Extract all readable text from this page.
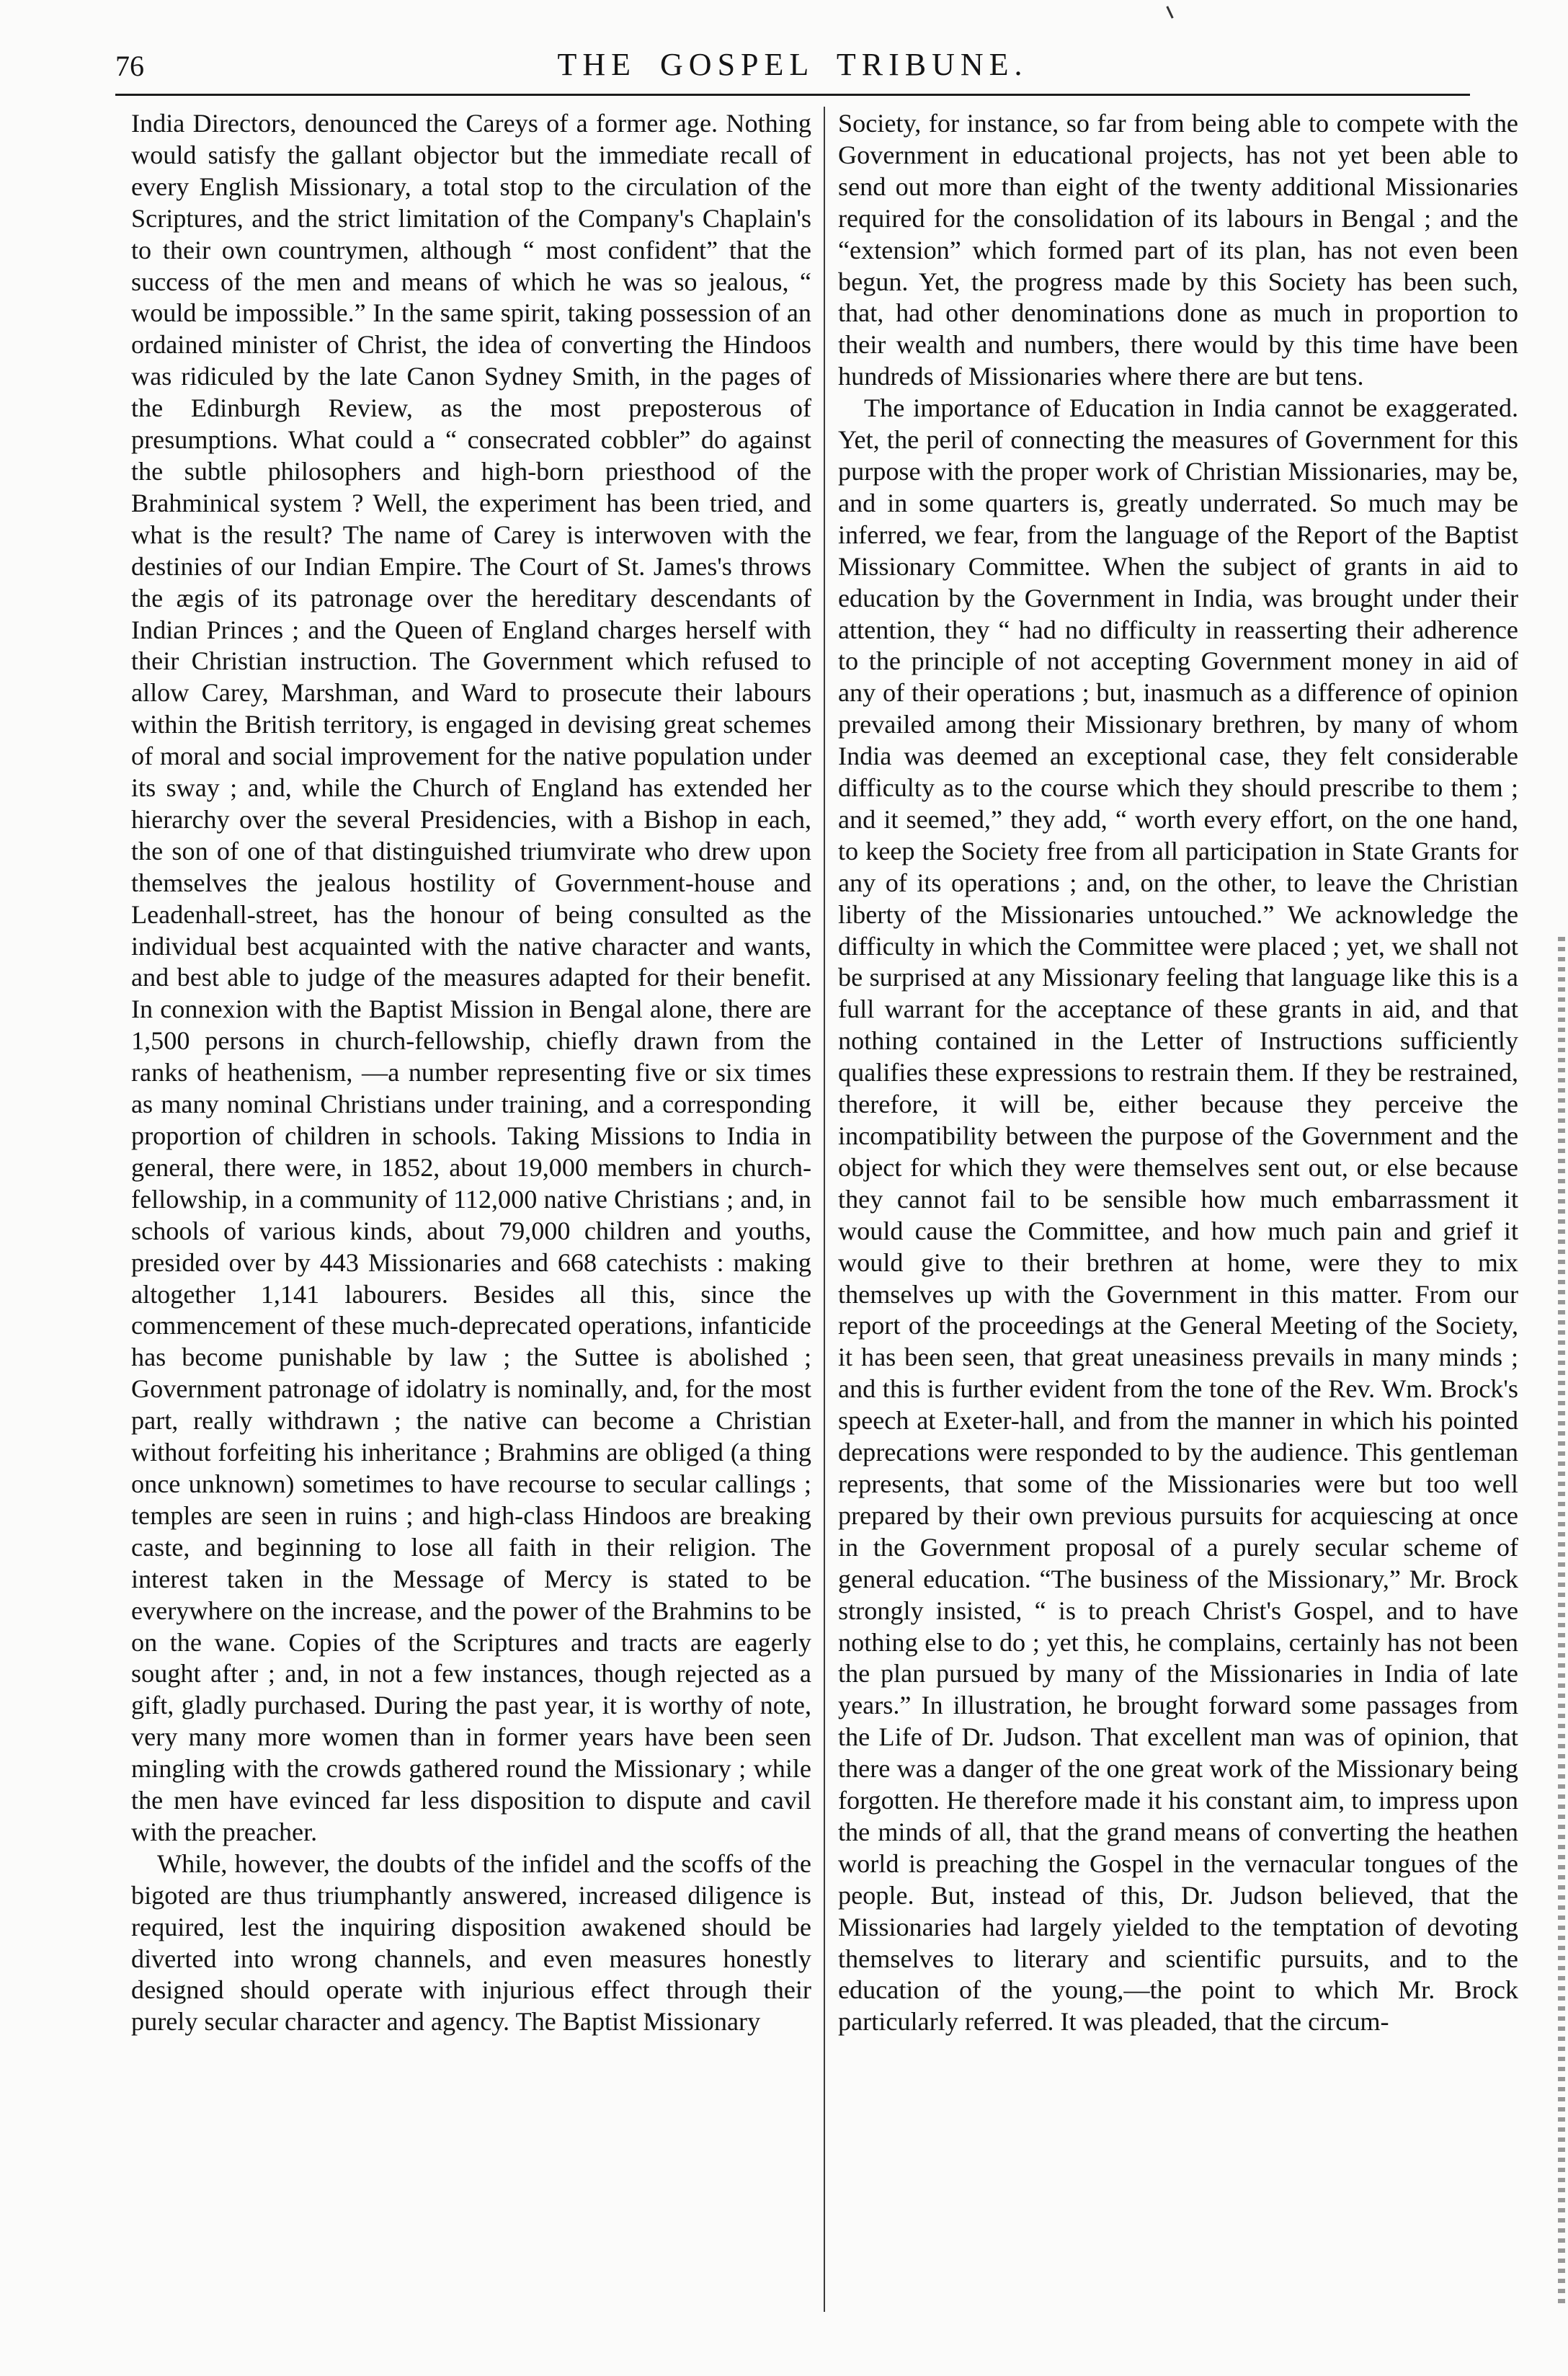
76	THE GOSPEL TRIBUNE.

India Directors, denounced the Careys of a former age. Nothing would satisfy the gallant objector but the immediate recall of every English Missionary, a total stop to the circulation of the Scriptures, and the strict limitation of the Company's Chaplain's to their own countrymen, although “ most confident” that the success of the men and means of which he was so jealous, “ would be impossible.” In the same spirit, taking possession of an ordained minister of Christ, the idea of converting the Hindoos was ridiculed by the late Canon Sydney Smith, in the pages of the Edinburgh Review, as the most preposterous of presumptions. What could a “ consecrated cobbler” do against the subtle philosophers and high-born priesthood of the Brahminical system ? Well, the experiment has been tried, and what is the result? The name of Carey is interwoven with the destinies of our Indian Empire. The Court of St. James's throws the ægis of its patronage over the hereditary descendants of Indian Princes ; and the Queen of England charges herself with their Christian instruction. The Government which refused to allow Carey, Marshman, and Ward to prosecute their labours within the British territory, is engaged in devising great schemes of moral and social improvement for the native population under its sway ; and, while the Church of England has extended her hierarchy over the several Presidencies, with a Bishop in each, the son of one of that distinguished triumvirate who drew upon themselves the jealous hostility of Government-house and Leadenhall-street, has the honour of being consulted as the individual best acquainted with the native character and wants, and best able to judge of the measures adapted for their benefit. In connexion with the Baptist Mission in Bengal alone, there are 1,500 persons in church-fellowship, chiefly drawn from the ranks of heathenism, —a number representing five or six times as many nominal Christians under training, and a corresponding proportion of children in schools. Taking Missions to India in general, there were, in 1852, about 19,000 members in church-fellowship, in a community of 112,000 native Christians ; and, in schools of various kinds, about 79,000 children and youths, presided over by 443 Missionaries and 668 catechists : making altogether 1,141 labourers. Besides all this, since the commencement of these much-deprecated operations, infanticide has become punishable by law ; the Suttee is abolished ; Government patronage of idolatry is nominally, and, for the most part, really withdrawn ; the native can become a Christian without forfeiting his inheritance ; Brahmins are obliged (a thing once unknown) sometimes to have recourse to secular callings ; temples are seen in ruins ; and high-class Hindoos are breaking caste, and beginning to lose all faith in their religion. The interest taken in the Message of Mercy is stated to be everywhere on the increase, and the power of the Brahmins to be on the wane. Copies of the Scriptures and tracts are eagerly sought after ; and, in not a few instances, though rejected as a gift, gladly purchased. During the past year, it is worthy of note, very many more women than in former years have been seen mingling with the crowds gathered round the Missionary ; while the men have evinced far less disposition to dispute and cavil with the preacher.

While, however, the doubts of the infidel and the scoffs of the bigoted are thus triumphantly answered, increased diligence is required, lest the inquiring disposition awakened should be diverted into wrong channels, and even measures honestly designed should operate with injurious effect through their purely secular character and agency. The Baptist Missionary

Society, for instance, so far from being able to compete with the Government in educational projects, has not yet been able to send out more than eight of the twenty additional Missionaries required for the consolidation of its labours in Bengal ; and the “extension” which formed part of its plan, has not even been begun. Yet, the progress made by this Society has been such, that, had other denominations done as much in proportion to their wealth and numbers, there would by this time have been hundreds of Missionaries where there are but tens.

The importance of Education in India cannot be exaggerated. Yet, the peril of connecting the measures of Government for this purpose with the proper work of Christian Missionaries, may be, and in some quarters is, greatly underrated. So much may be inferred, we fear, from the language of the Report of the Baptist Missionary Committee. When the subject of grants in aid to education by the Government in India, was brought under their attention, they “ had no difficulty in reasserting their adherence to the principle of not accepting Government money in aid of any of their operations ; but, inasmuch as a difference of opinion prevailed among their Missionary brethren, by many of whom India was deemed an exceptional case, they felt considerable difficulty as to the course which they should prescribe to them ; and it seemed,” they add, “ worth every effort, on the one hand, to keep the Society free from all participation in State Grants for any of its operations ; and, on the other, to leave the Christian liberty of the Missionaries untouched.” We acknowledge the difficulty in which the Committee were placed ; yet, we shall not be surprised at any Missionary feeling that language like this is a full warrant for the acceptance of these grants in aid, and that nothing contained in the Letter of Instructions sufficiently qualifies these expressions to restrain them. If they be restrained, therefore, it will be, either because they perceive the incompatibility between the purpose of the Government and the object for which they were themselves sent out, or else because they cannot fail to be sensible how much embarrassment it would cause the Committee, and how much pain and grief it would give to their brethren at home, were they to mix themselves up with the Government in this matter. From our report of the proceedings at the General Meeting of the Society, it has been seen, that great uneasiness prevails in many minds ; and this is further evident from the tone of the Rev. Wm. Brock's speech at Exeter-hall, and from the manner in which his pointed deprecations were responded to by the audience. This gentleman represents, that some of the Missionaries were but too well prepared by their own previous pursuits for acquiescing at once in the Government proposal of a purely secular scheme of general education. “The business of the Missionary,” Mr. Brock strongly insisted, “ is to preach Christ's Gospel, and to have nothing else to do ; yet this, he complains, certainly has not been the plan pursued by many of the Missionaries in India of late years.” In illustration, he brought forward some passages from the Life of Dr. Judson. That excellent man was of opinion, that there was a danger of the one great work of the Missionary being forgotten. He therefore made it his constant aim, to impress upon the minds of all, that the grand means of converting the heathen world is preaching the Gospel in the vernacular tongues of the people. But, instead of this, Dr. Judson believed, that the Missionaries had largely yielded to the temptation of devoting themselves to literary and scientific pursuits, and to the education of the young,—the point to which Mr. Brock particularly referred. It was pleaded, that the circum-
